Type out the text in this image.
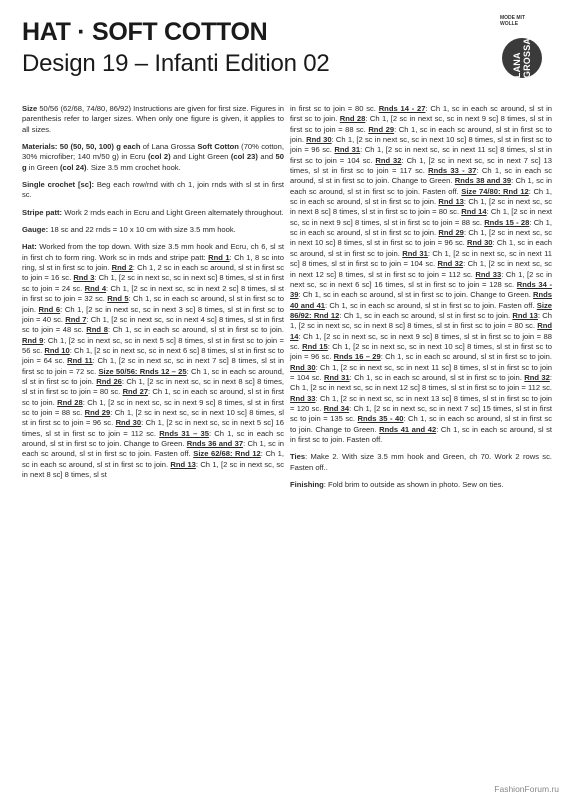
HAT · SOFT COTTON
Design 19 – Infanti Edition 02
MODE MIT WOLLE
LANA GROSSA

Size 50/56 (62/68, 74/80, 86/92) Instructions are given for first size. Figures in parenthesis refer to larger sizes. When only one figure is given, it applies to all sizes.

Materials: 50 (50, 50, 100) g each of Lana Grossa Soft Cotton (70% cotton, 30% microfiber; 140 m/50 g) in Ecru (col 2) and Light Green (col 23) and 50 g in Green (col 24). Size 3.5 mm crochet hook.

Single crochet [sc]: Beg each row/rnd with ch 1, join rnds with sl st in first sc.

Stripe patt: Work 2 rnds each in Ecru and Light Green alternately throughout.

Gauge: 18 sc and 22 rnds = 10 x 10 cm with size 3.5 mm hook.

Hat: Worked from the top down. With size 3.5 mm hook and Ecru, ch 6, sl st in first ch to form ring. Work sc in rnds and stripe patt: Rnd 1: Ch 1, 8 sc into ring, sl st in first sc to join. Rnd 2: Ch 1, 2 sc in each sc around, sl st in first sc to join = 16 sc. Rnd 3: Ch 1, [2 sc in next sc, sc in next sc] 8 times, sl st in first sc to join = 24 sc. Rnd 4: Ch 1, [2 sc in next sc, sc in next 2 sc] 8 times, sl st in first sc to join = 32 sc. Rnd 5: Ch 1, sc in each sc around, sl st in first sc to join. Rnd 6: Ch 1, [2 sc in next sc, sc in next 3 sc] 8 times, sl st in first sc to join = 40 sc. Rnd 7: Ch 1, [2 sc in next sc, sc in next 4 sc] 8 times, sl st in first sc to join = 48 sc. Rnd 8: Ch 1, sc in each sc around, sl st in first sc to join. Rnd 9: Ch 1, [2 sc in next sc, sc in next 5 sc] 8 times, sl st in first sc to join = 56 sc. Rnd 10: Ch 1, [2 sc in next sc, sc in next 6 sc] 8 times, sl st in first sc to join = 64 sc. Rnd 11: Ch 1, [2 sc in next sc, sc in next 7 sc] 8 times, sl st in first sc to join = 72 sc. Size 50/56: Rnds 12 – 25: Ch 1, sc in each sc around, sl st in first sc to join. Rnd 26: Ch 1, [2 sc in next sc, sc in next 8 sc] 8 times, sl st in first sc to join = 80 sc. Rnd 27: Ch 1, sc in each sc around, sl st in first sc to join. Rnd 28: Ch 1, [2 sc in next sc, sc in next 9 sc] 8 times, sl st in first sc to join = 88 sc. Rnd 29: Ch 1, [2 sc in next sc, sc in next 10 sc] 8 times, sl st in first sc to join = 96 sc. Rnd 30: Ch 1, [2 sc in next sc, sc in next 5 sc] 16 times, sl st in first sc to join = 112 sc. Rnds 31 – 35: Ch 1, sc in each sc around, sl st in first sc to join. Change to Green. Rnds 36 and 37: Ch 1, sc in each sc around, sl st in first sc to join. Fasten off. Size 62/68: Rnd 12: Ch 1, sc in each sc around, sl st in first sc to join. Rnd 13: Ch 1, [2 sc in next sc, sc in next 8 sc] 8 times, sl st

in first sc to join = 80 sc. Rnds 14 - 27: Ch 1, sc in each sc around, sl st in first sc to join. Rnd 28: Ch 1, [2 sc in next sc, sc in next 9 sc] 8 times, sl st in first sc to join = 88 sc. Rnd 29: Ch 1, sc in each sc around, sl st in first sc to join. Rnd 30: Ch 1, [2 sc in next sc, sc in next 10 sc] 8 times, sl st in first sc to join = 96 sc. Rnd 31: Ch 1, [2 sc in next sc, sc in next 11 sc] 8 times, sl st in first sc to join = 104 sc. Rnd 32: Ch 1, [2 sc in next sc, sc in next 7 sc] 13 times, sl st in first sc to join = 117 sc. Rnds 33 - 37: Ch 1, sc in each sc around, sl st in first sc to join. Change to Green. Rnds 38 and 39: Ch 1, sc in each sc around, sl st in first sc to join. Fasten off. Size 74/80: Rnd 12: Ch 1, sc in each sc around, sl st in first sc to join. Rnd 13: Ch 1, [2 sc in next sc, sc in next 8 sc] 8 times, sl st in first sc to join = 80 sc. Rnd 14: Ch 1, [2 sc in next sc, sc in next 9 sc] 8 times, sl st in first sc to join = 88 sc. Rnds 15 - 28: Ch 1, sc in each sc around, sl st in first sc to join. Rnd 29: Ch 1, [2 sc in next sc, sc in next 10 sc] 8 times, sl st in first sc to join = 96 sc. Rnd 30: Ch 1, sc in each sc around, sl st in first sc to join. Rnd 31: Ch 1, [2 sc in next sc, sc in next 11 sc] 8 times, sl st in first sc to join = 104 sc. Rnd 32: Ch 1, [2 sc in next sc, sc in next 12 sc] 8 times, sl st in first sc to join = 112 sc. Rnd 33: Ch 1, [2 sc in next sc, sc in next 6 sc] 16 times, sl st in first sc to join = 128 sc. Rnds 34 - 39: Ch 1, sc in each sc around, sl st in first sc to join. Change to Green. Rnds 40 and 41: Ch 1, sc in each sc around, sl st in first sc to join. Fasten off. Size 86/92: Rnd 12: Ch 1, sc in each sc around, sl st in first sc to join. Rnd 13: Ch 1, [2 sc in next sc, sc in next 8 sc] 8 times, sl st in first sc to join = 80 sc. Rnd 14: Ch 1, [2 sc in next sc, sc in next 9 sc] 8 times, sl st in first sc to join = 88 sc. Rnd 15: Ch 1, [2 sc in next sc, sc in next 10 sc] 8 times, sl st in first sc to join = 96 sc. Rnds 16 – 29: Ch 1, sc in each sc around, sl st in first sc to join. Rnd 30: Ch 1, [2 sc in next sc, sc in next 11 sc] 8 times, sl st in first sc to join = 104 sc. Rnd 31: Ch 1, sc in each sc around, sl st in first sc to join. Rnd 32: Ch 1, [2 sc in next sc, sc in next 12 sc] 8 times, sl st in first sc to join = 112 sc. Rnd 33: Ch 1, [2 sc in next sc, sc in next 13 sc] 8 times, sl st in first sc to join = 120 sc. Rnd 34: Ch 1, [2 sc in next sc, sc in next 7 sc] 15 times, sl st in first sc to join = 135 sc. Rnds 35 - 40: Ch 1, sc in each sc around, sl st in first sc to join. Change to Green. Rnds 41 and 42: Ch 1, sc in each sc around, sl st in first sc to join. Fasten off.

Ties: Make 2. With size 3.5 mm hook and Green, ch 70. Work 2 rows sc. Fasten off..

Finishing: Fold brim to outside as shown in photo. Sew on ties.

FashionForum.ru
